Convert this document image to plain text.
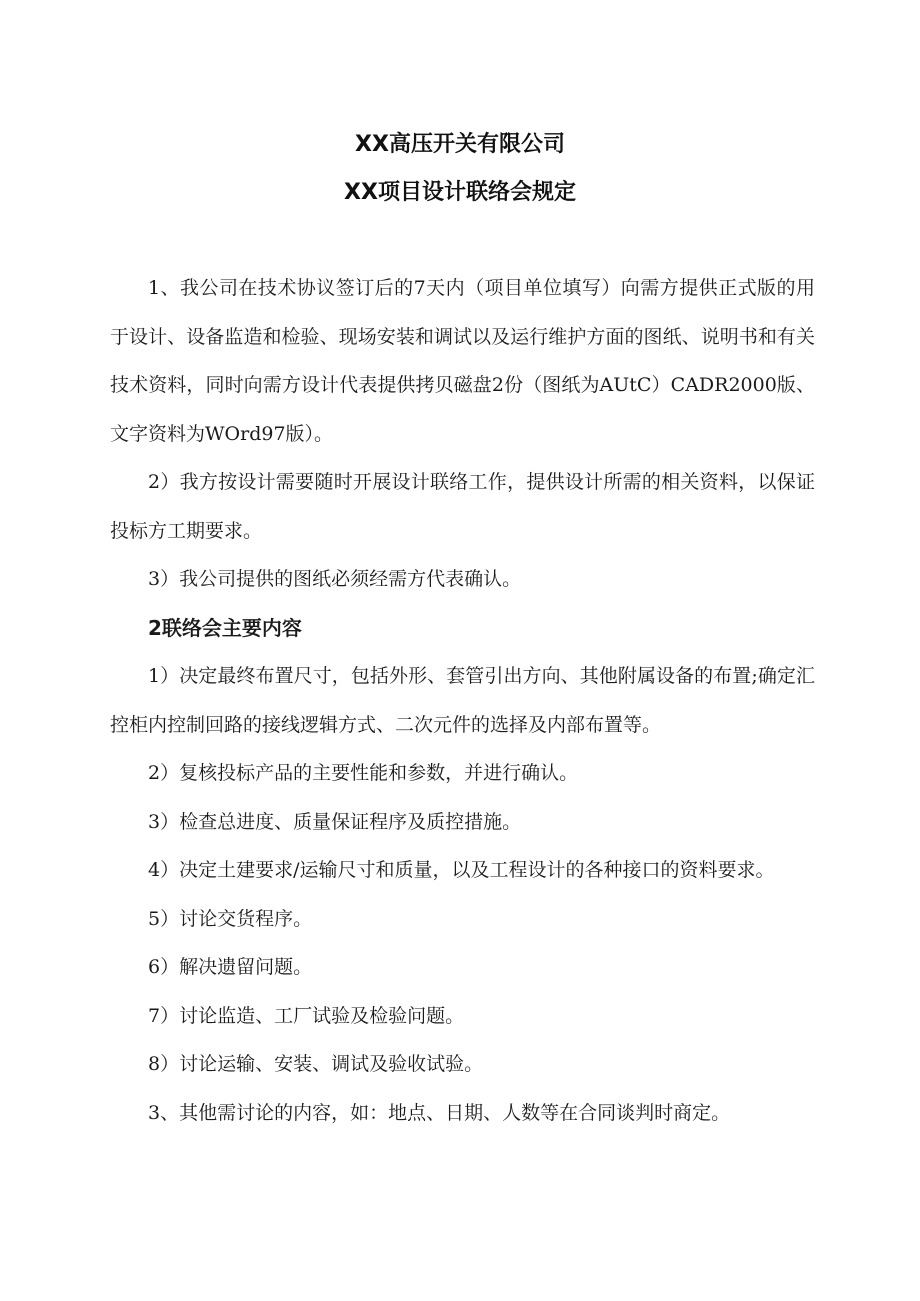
XX高压开关有限公司
XX项目设计联络会规定

1、我公司在技术协议签订后的7天内（项目单位填写）向需方提供正式版的用于设计、设备监造和检验、现场安装和调试以及运行维护方面的图纸、说明书和有关技术资料，同时向需方设计代表提供拷贝磁盘2份（图纸为AUtC）CADR2000版、文字资料为WOrd97版）。

2）我方按设计需要随时开展设计联络工作，提供设计所需的相关资料，以保证投标方工期要求。

3）我公司提供的图纸必须经需方代表确认。

2联络会主要内容

1）决定最终布置尺寸，包括外形、套管引出方向、其他附属设备的布置;确定汇控柜内控制回路的接线逻辑方式、二次元件的选择及内部布置等。

2）复核投标产品的主要性能和参数，并进行确认。

3）检查总进度、质量保证程序及质控措施。

4）决定土建要求/运输尺寸和质量，以及工程设计的各种接口的资料要求。

5）讨论交货程序。

6）解决遗留问题。

7）讨论监造、工厂试验及检验问题。

8）讨论运输、安装、调试及验收试验。

3、其他需讨论的内容，如：地点、日期、人数等在合同谈判时商定。
